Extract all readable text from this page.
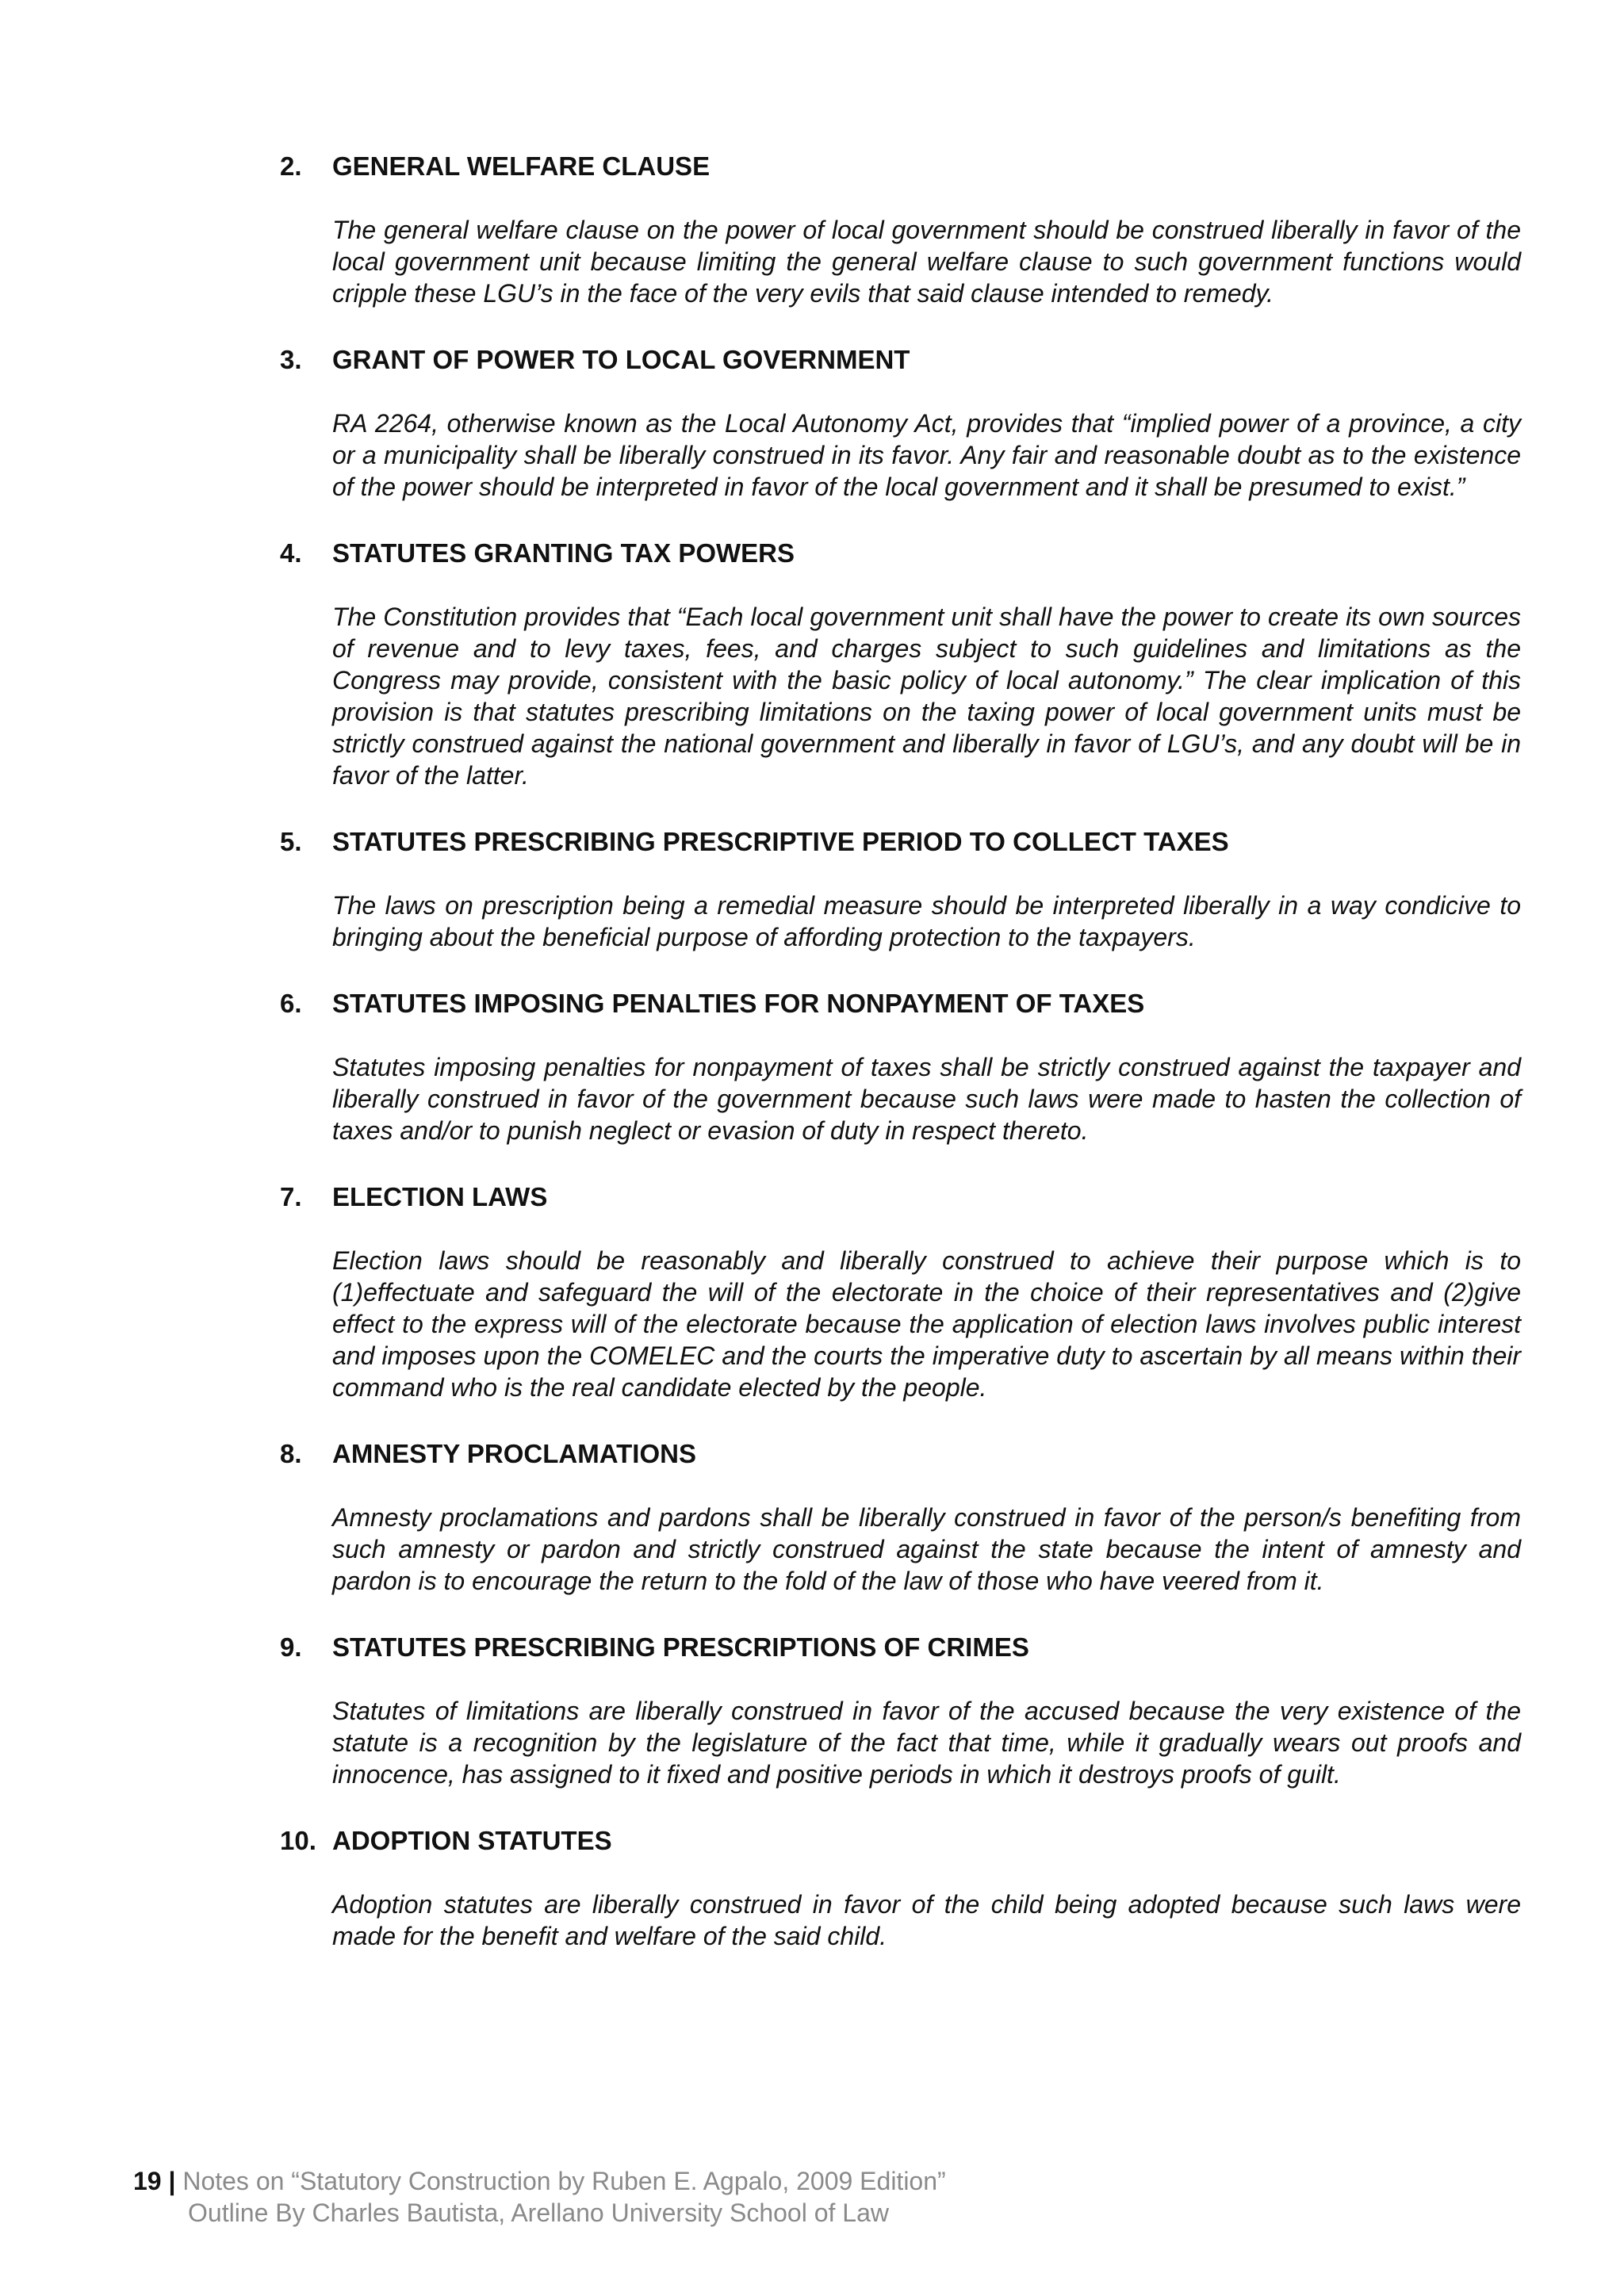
2.	GENERAL WELFARE CLAUSE
The general welfare clause on the power of local government should be construed liberally in favor of the local government unit because limiting the general welfare clause to such government functions would cripple these LGU’s in the face of the very evils that said clause intended to remedy.
3.	GRANT OF POWER TO LOCAL GOVERNMENT
RA 2264, otherwise known as the Local Autonomy Act, provides that “implied power of a province, a city or a municipality shall be liberally construed in its favor. Any fair and reasonable doubt as to the existence of the power should be interpreted in favor of the local government and it shall be presumed to exist.”
4.	STATUTES GRANTING TAX POWERS
The Constitution provides that “Each local government unit shall have the power to create its own sources of revenue and to levy taxes, fees, and charges subject to such guidelines and limitations as the Congress may provide, consistent with the basic policy of local autonomy.” The clear implication of this provision is that statutes prescribing limitations on the taxing power of local government units must be strictly construed against the national government and liberally in favor of LGU’s, and any doubt will be in favor of the latter.
5.	STATUTES PRESCRIBING PRESCRIPTIVE PERIOD TO COLLECT TAXES
The laws on prescription being a remedial measure should be interpreted liberally in a way condicive to bringing about the beneficial purpose of affording protection to the taxpayers.
6.	STATUTES IMPOSING PENALTIES FOR NONPAYMENT OF TAXES
Statutes imposing penalties for nonpayment of taxes shall be strictly construed against the taxpayer and liberally construed in favor of the government because such laws were made to hasten the collection of taxes and/or to punish neglect or evasion of duty in respect thereto.
7.	ELECTION LAWS
Election laws should be reasonably and liberally construed to achieve their purpose which is to (1)effectuate and safeguard the will of the electorate in the choice of their representatives and (2)give effect to the express will of the electorate because the application of election laws involves public interest and imposes upon the COMELEC and the courts the imperative duty to ascertain by all means within their command who is the real candidate elected by the people.
8.	AMNESTY PROCLAMATIONS
Amnesty proclamations and pardons shall be liberally construed in favor of the person/s benefiting from such amnesty or pardon and strictly construed against the state because the intent of amnesty and pardon is to encourage the return to the fold of the law of those who have veered from it.
9.	STATUTES PRESCRIBING PRESCRIPTIONS OF CRIMES
Statutes of limitations are liberally construed in favor of the accused because the very existence of the statute is a recognition by the legislature of the fact that time, while it gradually wears out proofs and innocence, has assigned to it fixed and positive periods in which it destroys proofs of guilt.
10. ADOPTION STATUTES
Adoption statutes are liberally construed in favor of the child being adopted because such laws were made for the benefit and welfare of the said child.
19 | Notes on “Statutory Construction by Ruben E. Agpalo, 2009 Edition”
Outline By Charles Bautista, Arellano University School of Law
